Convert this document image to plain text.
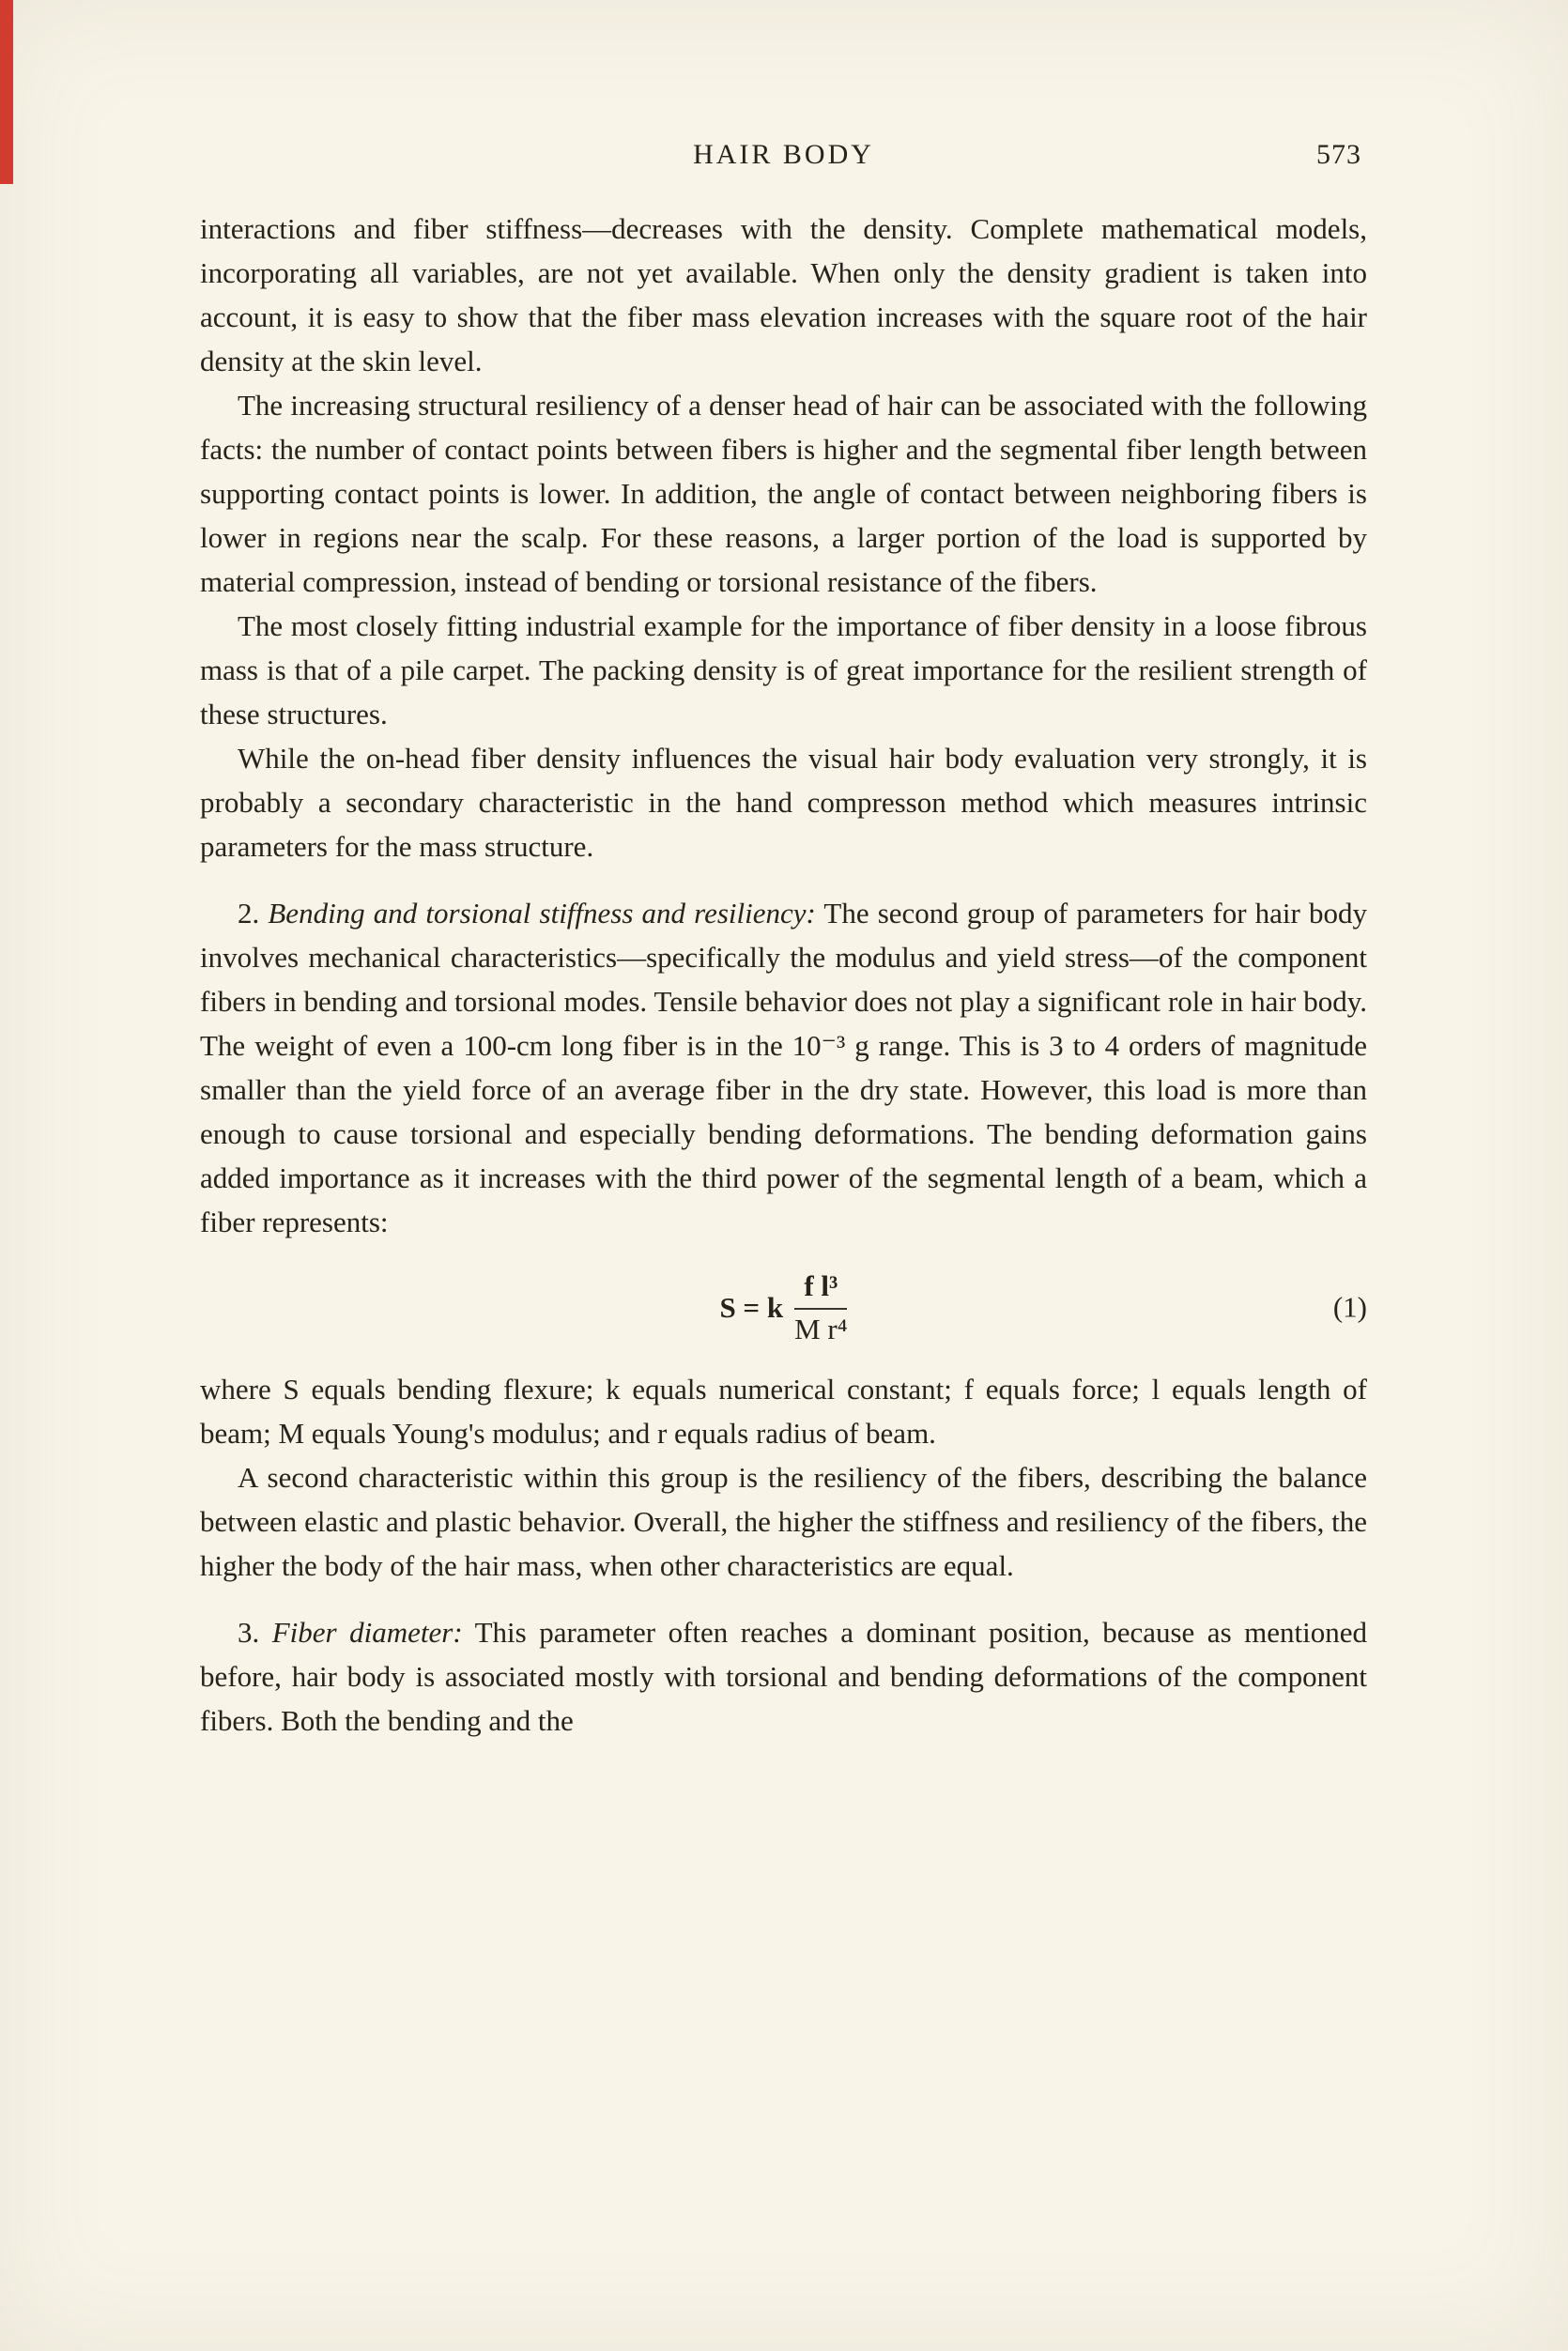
HAIR BODY	573

interactions and fiber stiffness—decreases with the density. Complete mathematical models, incorporating all variables, are not yet available. When only the density gradient is taken into account, it is easy to show that the fiber mass elevation increases with the square root of the hair density at the skin level.

The increasing structural resiliency of a denser head of hair can be associated with the following facts: the number of contact points between fibers is higher and the segmental fiber length between supporting contact points is lower. In addition, the angle of contact between neighboring fibers is lower in regions near the scalp. For these reasons, a larger portion of the load is supported by material compression, instead of bending or torsional resistance of the fibers.

The most closely fitting industrial example for the importance of fiber density in a loose fibrous mass is that of a pile carpet. The packing density is of great importance for the resilient strength of these structures.

While the on-head fiber density influences the visual hair body evaluation very strongly, it is probably a secondary characteristic in the hand compresson method which measures intrinsic parameters for the mass structure.

2. Bending and torsional stiffness and resiliency: The second group of parameters for hair body involves mechanical characteristics—specifically the modulus and yield stress—of the component fibers in bending and torsional modes. Tensile behavior does not play a significant role in hair body. The weight of even a 100-cm long fiber is in the 10⁻³ g range. This is 3 to 4 orders of magnitude smaller than the yield force of an average fiber in the dry state. However, this load is more than enough to cause torsional and especially bending deformations. The bending deformation gains added importance as it increases with the third power of the segmental length of a beam, which a fiber represents:

S = k $\frac{\text{f l³}}{\text{M r⁴}}$	(1)

where S equals bending flexure; k equals numerical constant; f equals force; l equals length of beam; M equals Young's modulus; and r equals radius of beam.

A second characteristic within this group is the resiliency of the fibers, describing the balance between elastic and plastic behavior. Overall, the higher the stiffness and resiliency of the fibers, the higher the body of the hair mass, when other characteristics are equal.

3. Fiber diameter: This parameter often reaches a dominant position, because as mentioned before, hair body is associated mostly with torsional and bending deformations of the component fibers. Both the bending and the
